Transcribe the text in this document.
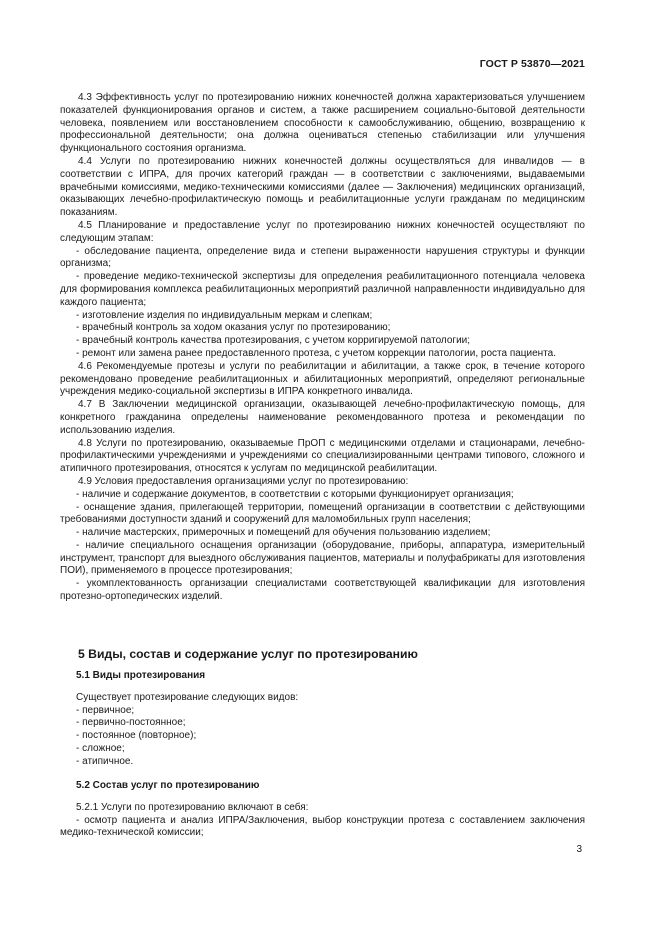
ГОСТ Р 53870—2021

4.3 Эффективность услуг по протезированию нижних конечностей должна характеризоваться улучшением показателей функционирования органов и систем, а также расширением социально-бытовой деятельности человека, появлением или восстановлением способности к самообслуживанию, общению, возвращению к профессиональной деятельности; она должна оцениваться степенью стабилизации или улучшения функционального состояния организма.

4.4 Услуги по протезированию нижних конечностей должны осуществляться для инвалидов — в соответствии с ИПРА, для прочих категорий граждан — в соответствии с заключениями, выдаваемыми врачебными комиссиями, медико-техническими комиссиями (далее — Заключения) медицинских организаций, оказывающих лечебно-профилактическую помощь и реабилитационные услуги гражданам по медицинским показаниям.

4.5 Планирование и предоставление услуг по протезированию нижних конечностей осуществляют по следующим этапам:

- обследование пациента, определение вида и степени выраженности нарушения структуры и функции организма;

- проведение медико-технической экспертизы для определения реабилитационного потенциала человека для формирования комплекса реабилитационных мероприятий различной направленности индивидуально для каждого пациента;

- изготовление изделия по индивидуальным меркам и слепкам;

- врачебный контроль за ходом оказания услуг по протезированию;

- врачебный контроль качества протезирования, с учетом корригируемой патологии;

- ремонт или замена ранее предоставленного протеза, с учетом коррекции патологии, роста пациента.

4.6 Рекомендуемые протезы и услуги по реабилитации и абилитации, а также срок, в течение которого рекомендовано проведение реабилитационных и абилитационных мероприятий, определяют региональные учреждения медико-социальной экспертизы в ИПРА конкретного инвалида.

4.7 В Заключении медицинской организации, оказывающей лечебно-профилактическую помощь, для конкретного гражданина определены наименование рекомендованного протеза и рекомендации по использованию изделия.

4.8 Услуги по протезированию, оказываемые ПрОП с медицинскими отделами и стационарами, лечебно-профилактическими учреждениями и учреждениями со специализированными центрами типового, сложного и атипичного протезирования, относятся к услугам по медицинской реабилитации.

4.9 Условия предоставления организациями услуг по протезированию:

- наличие и содержание документов, в соответствии с которыми функционирует организация;

- оснащение здания, прилегающей территории, помещений организации в соответствии с действующими требованиями доступности зданий и сооружений для маломобильных групп населения;

- наличие мастерских, примерочных и помещений для обучения пользованию изделием;

- наличие специального оснащения организации (оборудование, приборы, аппаратура, измерительный инструмент, транспорт для выездного обслуживания пациентов, материалы и полуфабрикаты для изготовления ПОИ), применяемого в процессе протезирования;

- укомплектованность организации специалистами соответствующей квалификации для изготовления протезно-ортопедических изделий.

5 Виды, состав и содержание услуг по протезированию

5.1 Виды протезирования

Существует протезирование следующих видов:

- первичное;

- первично-постоянное;

- постоянное (повторное);

- сложное;

- атипичное.

5.2 Состав услуг по протезированию

5.2.1 Услуги по протезированию включают в себя:

- осмотр пациента и анализ ИПРА/Заключения, выбор конструкции протеза с составлением заключения медико-технической комиссии;

3
